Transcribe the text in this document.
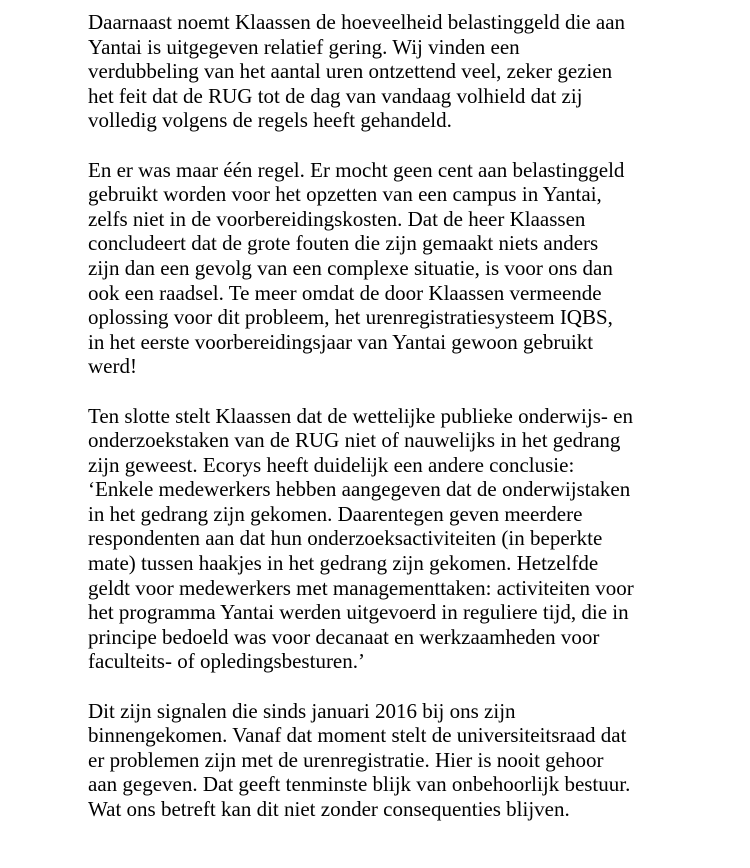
Daarnaast noemt Klaassen de hoeveelheid belastinggeld die aan
Yantai is uitgegeven relatief gering. Wij vinden een
verdubbeling van het aantal uren ontzettend veel, zeker gezien
het feit dat de RUG tot de dag van vandaag volhield dat zij
volledig volgens de regels heeft gehandeld.

En er was maar één regel. Er mocht geen cent aan belastinggeld
gebruikt worden voor het opzetten van een campus in Yantai,
zelfs niet in de voorbereidingskosten. Dat de heer Klaassen
concludeert dat de grote fouten die zijn gemaakt niets anders
zijn dan een gevolg van een complexe situatie, is voor ons dan
ook een raadsel. Te meer omdat de door Klaassen vermeende
oplossing voor dit probleem, het urenregistratiesysteem IQBS,
in het eerste voorbereidingsjaar van Yantai gewoon gebruikt
werd!

Ten slotte stelt Klaassen dat de wettelijke publieke onderwijs- en
onderzoekstaken van de RUG niet of nauwelijks in het gedrang
zijn geweest. Ecorys heeft duidelijk een andere conclusie:
‘Enkele medewerkers hebben aangegeven dat de onderwijstaken
in het gedrang zijn gekomen. Daarentegen geven meerdere
respondenten aan dat hun onderzoeksactiviteiten (in beperkte
mate) tussen haakjes in het gedrang zijn gekomen. Hetzelfde
geldt voor medewerkers met managementtaken: activiteiten voor
het programma Yantai werden uitgevoerd in reguliere tijd, die in
principe bedoeld was voor decanaat en werkzaamheden voor
faculteits- of opledingsbesturen.’

Dit zijn signalen die sinds januari 2016 bij ons zijn
binnengekomen. Vanaf dat moment stelt de universiteitsraad dat
er problemen zijn met de urenregistratie. Hier is nooit gehoor
aan gegeven. Dat geeft tenminste blijk van onbehoorlijk bestuur.
Wat ons betreft kan dit niet zonder consequenties blijven.
